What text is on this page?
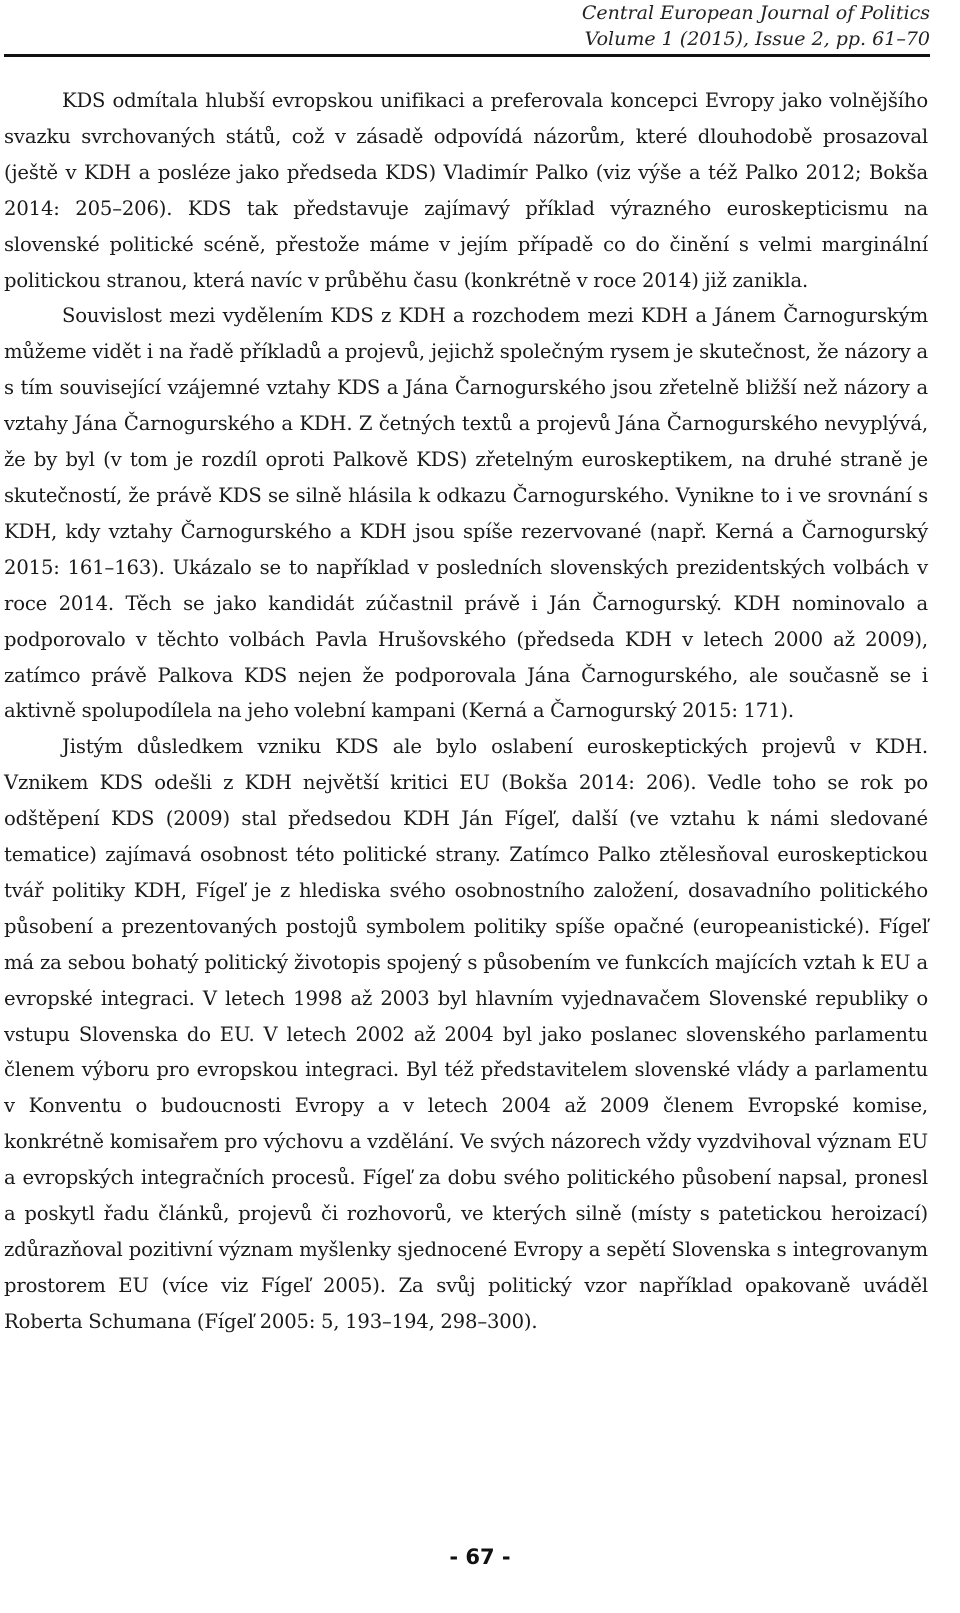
Central European Journal of Politics
Volume 1 (2015), Issue 2, pp. 61–70

KDS odmítala hlubší evropskou unifikaci a preferovala koncepci Evropy jako volnějšího svazku svrchovaných států, což v zásadě odpovídá názorům, které dlouhodobě prosazoval (ještě v KDH a posléze jako předseda KDS) Vladimír Palko (viz výše a též Palko 2012; Bokša 2014: 205–206). KDS tak představuje zajímavý příklad výrazného euroskepticismu na slovenské politické scéně, přestože máme v jejím případě co do činění s velmi marginální politickou stranou, která navíc v průběhu času (konkrétně v roce 2014) již zanikla.

Souvislost mezi vydělením KDS z KDH a rozchodem mezi KDH a Jánem Čarnogurským můžeme vidět i na řadě příkladů a projevů, jejichž společným rysem je skutečnost, že názory a s tím související vzájemné vztahy KDS a Jána Čarnogurského jsou zřetelně bližší než názory a vztahy Jána Čarnogurského a KDH. Z četných textů a projevů Jána Čarnogurského nevyplývá, že by byl (v tom je rozdíl oproti Palkově KDS) zřetelným euroskeptikem, na druhé straně je skutečností, že právě KDS se silně hlásila k odkazu Čarnogurského. Vynikne to i ve srovnání s KDH, kdy vztahy Čarnogurského a KDH jsou spíše rezervované (např. Kerná a Čarnogurský 2015: 161–163). Ukázalo se to například v posledních slovenských prezidentských volbách v roce 2014. Těch se jako kandidát zúčastnil právě i Ján Čarnogurský. KDH nominovalo a podporovalo v těchto volbách Pavla Hrušovského (předseda KDH v letech 2000 až 2009), zatímco právě Palkova KDS nejen že podporovala Jána Čarnogurského, ale současně se i aktivně spolupodílela na jeho volební kampani (Kerná a Čarnogurský 2015: 171).

Jistým důsledkem vzniku KDS ale bylo oslabení euroskeptických projevů v KDH. Vznikem KDS odešli z KDH největší kritici EU (Bokša 2014: 206). Vedle toho se rok po odštěpení KDS (2009) stal předsedou KDH Ján Fígeľ, další (ve vztahu k námi sledované tematice) zajímavá osobnost této politické strany. Zatímco Palko ztělesňoval euroskeptickou tvář politiky KDH, Fígeľ je z hlediska svého osobnostního založení, dosavadního politického působení a prezentovaných postojů symbolem politiky spíše opačné (europeanistické). Fígeľ má za sebou bohatý politický životopis spojený s působením ve funkcích majících vztah k EU a evropské integraci. V letech 1998 až 2003 byl hlavním vyjednavačem Slovenské republiky o vstupu Slovenska do EU. V letech 2002 až 2004 byl jako poslanec slovenského parlamentu členem výboru pro evropskou integraci. Byl též představitelem slovenské vlády a parlamentu v Konventu o budoucnosti Evropy a v letech 2004 až 2009 členem Evropské komise, konkrétně komisařem pro výchovu a vzdělání. Ve svých názorech vždy vyzdvihoval význam EU a evropských integračních procesů. Fígeľ za dobu svého politického působení napsal, pronesl a poskytl řadu článků, projevů či rozhovorů, ve kterých silně (místy s patetickou heroizací) zdůrazňoval pozitivní význam myšlenky sjednocené Evropy a sepětí Slovenska s integrovanym prostorem EU (více viz Fígeľ 2005). Za svůj politický vzor například opakovaně uváděl Roberta Schumana (Fígeľ 2005: 5, 193–194, 298–300).

- 67 -
